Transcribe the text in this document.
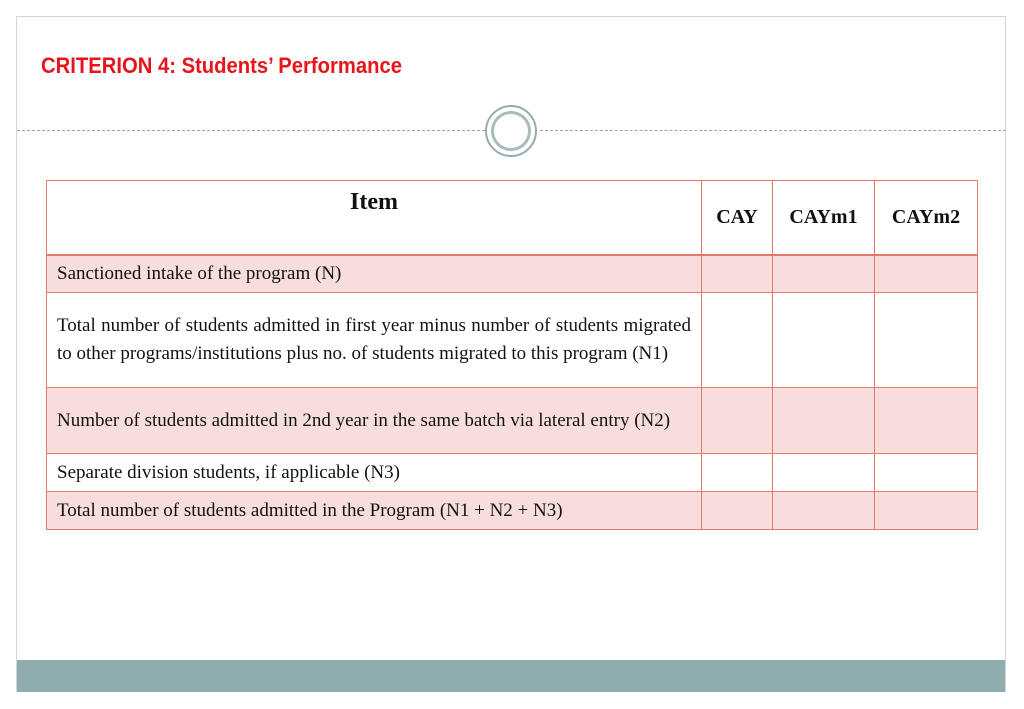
CRITERION 4: Students’ Performance
Item	CAY	CAYm1	CAYm2
Sanctioned intake of the program (N)			
Total number of students admitted in first year minus number of students migrated to other programs/institutions plus no. of students migrated to this program (N1)			
Number of students admitted in 2nd year in the same batch via lateral entry (N2)			
Separate division students, if applicable (N3)			
Total number of students admitted in the Program (N1 + N2 + N3)			
